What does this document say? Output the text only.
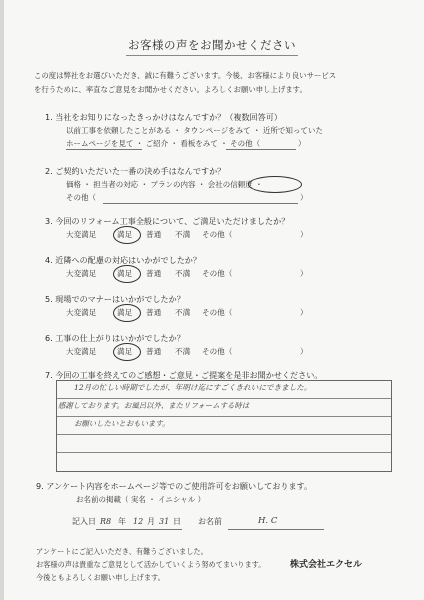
お客様の声をお聞かせください
この度は弊社をお選びいただき、誠に有難うございます。今後、お客様により良いサービス
を行うために、率直なご意見をお聞かせください。よろしくお願い申し上げます。
1. 当社をお知りになったきっかけはなんですか？（複数回答可）
以前工事を依頼したことがある ・ タウンページをみて ・ 近所で知っていた
ホームページを見て ・ ご紹介 ・ 看板をみて ・ その他（	）
2. ご契約いただいた一番の決め手はなんですか？
価格 ・ 担当者の対応 ・ プランの内容 ・ 会社の信頼度 ・
その他（	）
3. 今回のリフォーム工事全般について、ご満足いただけましたか？
大変満足	満足 普通 不満 その他（	）
4. 近隣への配慮の対応はいかがでしたか？
大変満足	満足 普通 不満 その他（	）
5. 現場でのマナーはいかがでしたか？
大変満足	満足 普通 不満 その他（	）
6. 工事の仕上がりはいかがでしたか？
大変満足	満足 普通 不満 その他（	）
7. 今回の工事を終えてのご感想・ご意見・ご提案を是非お聞かせください。
12月の忙しい時期でしたが、年明け迄にすごくきれいにできました。
感謝しております。お風呂以外、またリフォームする時は
お願いしたいとおもいます。
9. アンケート内容をホームページ等でのご使用許可をお願いしております。
お名前の掲載（ 実名 ・ イニシャル ）
記入日 R8 年 12 月 31 日 お名前	H. C
アンケートにご記入いただき、有難うございました。
お客様の声は貴重なご意見として活かしていくよう努めてまいります。
今後ともよろしくお願い申し上げます。
株式会社エクセル
